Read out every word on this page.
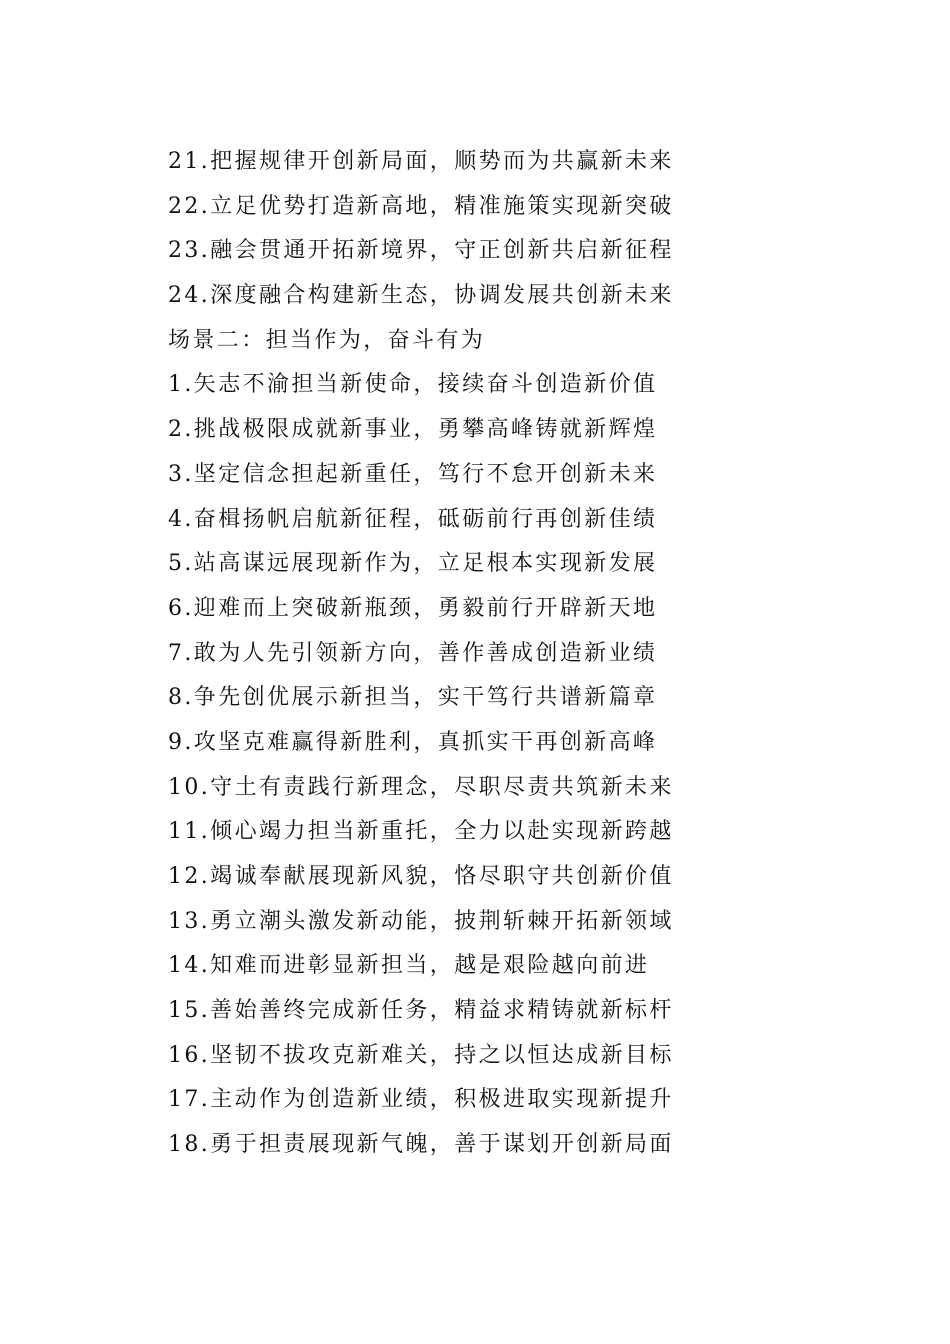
21.把握规律开创新局面，顺势而为共赢新未来
22.立足优势打造新高地，精准施策实现新突破
23.融会贯通开拓新境界，守正创新共启新征程
24.深度融合构建新生态，协调发展共创新未来
场景二：担当作为，奋斗有为
1.矢志不渝担当新使命，接续奋斗创造新价值
2.挑战极限成就新事业，勇攀高峰铸就新辉煌
3.坚定信念担起新重任，笃行不怠开创新未来
4.奋楫扬帆启航新征程，砥砺前行再创新佳绩
5.站高谋远展现新作为，立足根本实现新发展
6.迎难而上突破新瓶颈，勇毅前行开辟新天地
7.敢为人先引领新方向，善作善成创造新业绩
8.争先创优展示新担当，实干笃行共谱新篇章
9.攻坚克难赢得新胜利，真抓实干再创新高峰
10.守土有责践行新理念，尽职尽责共筑新未来
11.倾心竭力担当新重托，全力以赴实现新跨越
12.竭诚奉献展现新风貌，恪尽职守共创新价值
13.勇立潮头激发新动能，披荆斩棘开拓新领域
14.知难而进彰显新担当，越是艰险越向前进
15.善始善终完成新任务，精益求精铸就新标杆
16.坚韧不拔攻克新难关，持之以恒达成新目标
17.主动作为创造新业绩，积极进取实现新提升
18.勇于担责展现新气魄，善于谋划开创新局面
